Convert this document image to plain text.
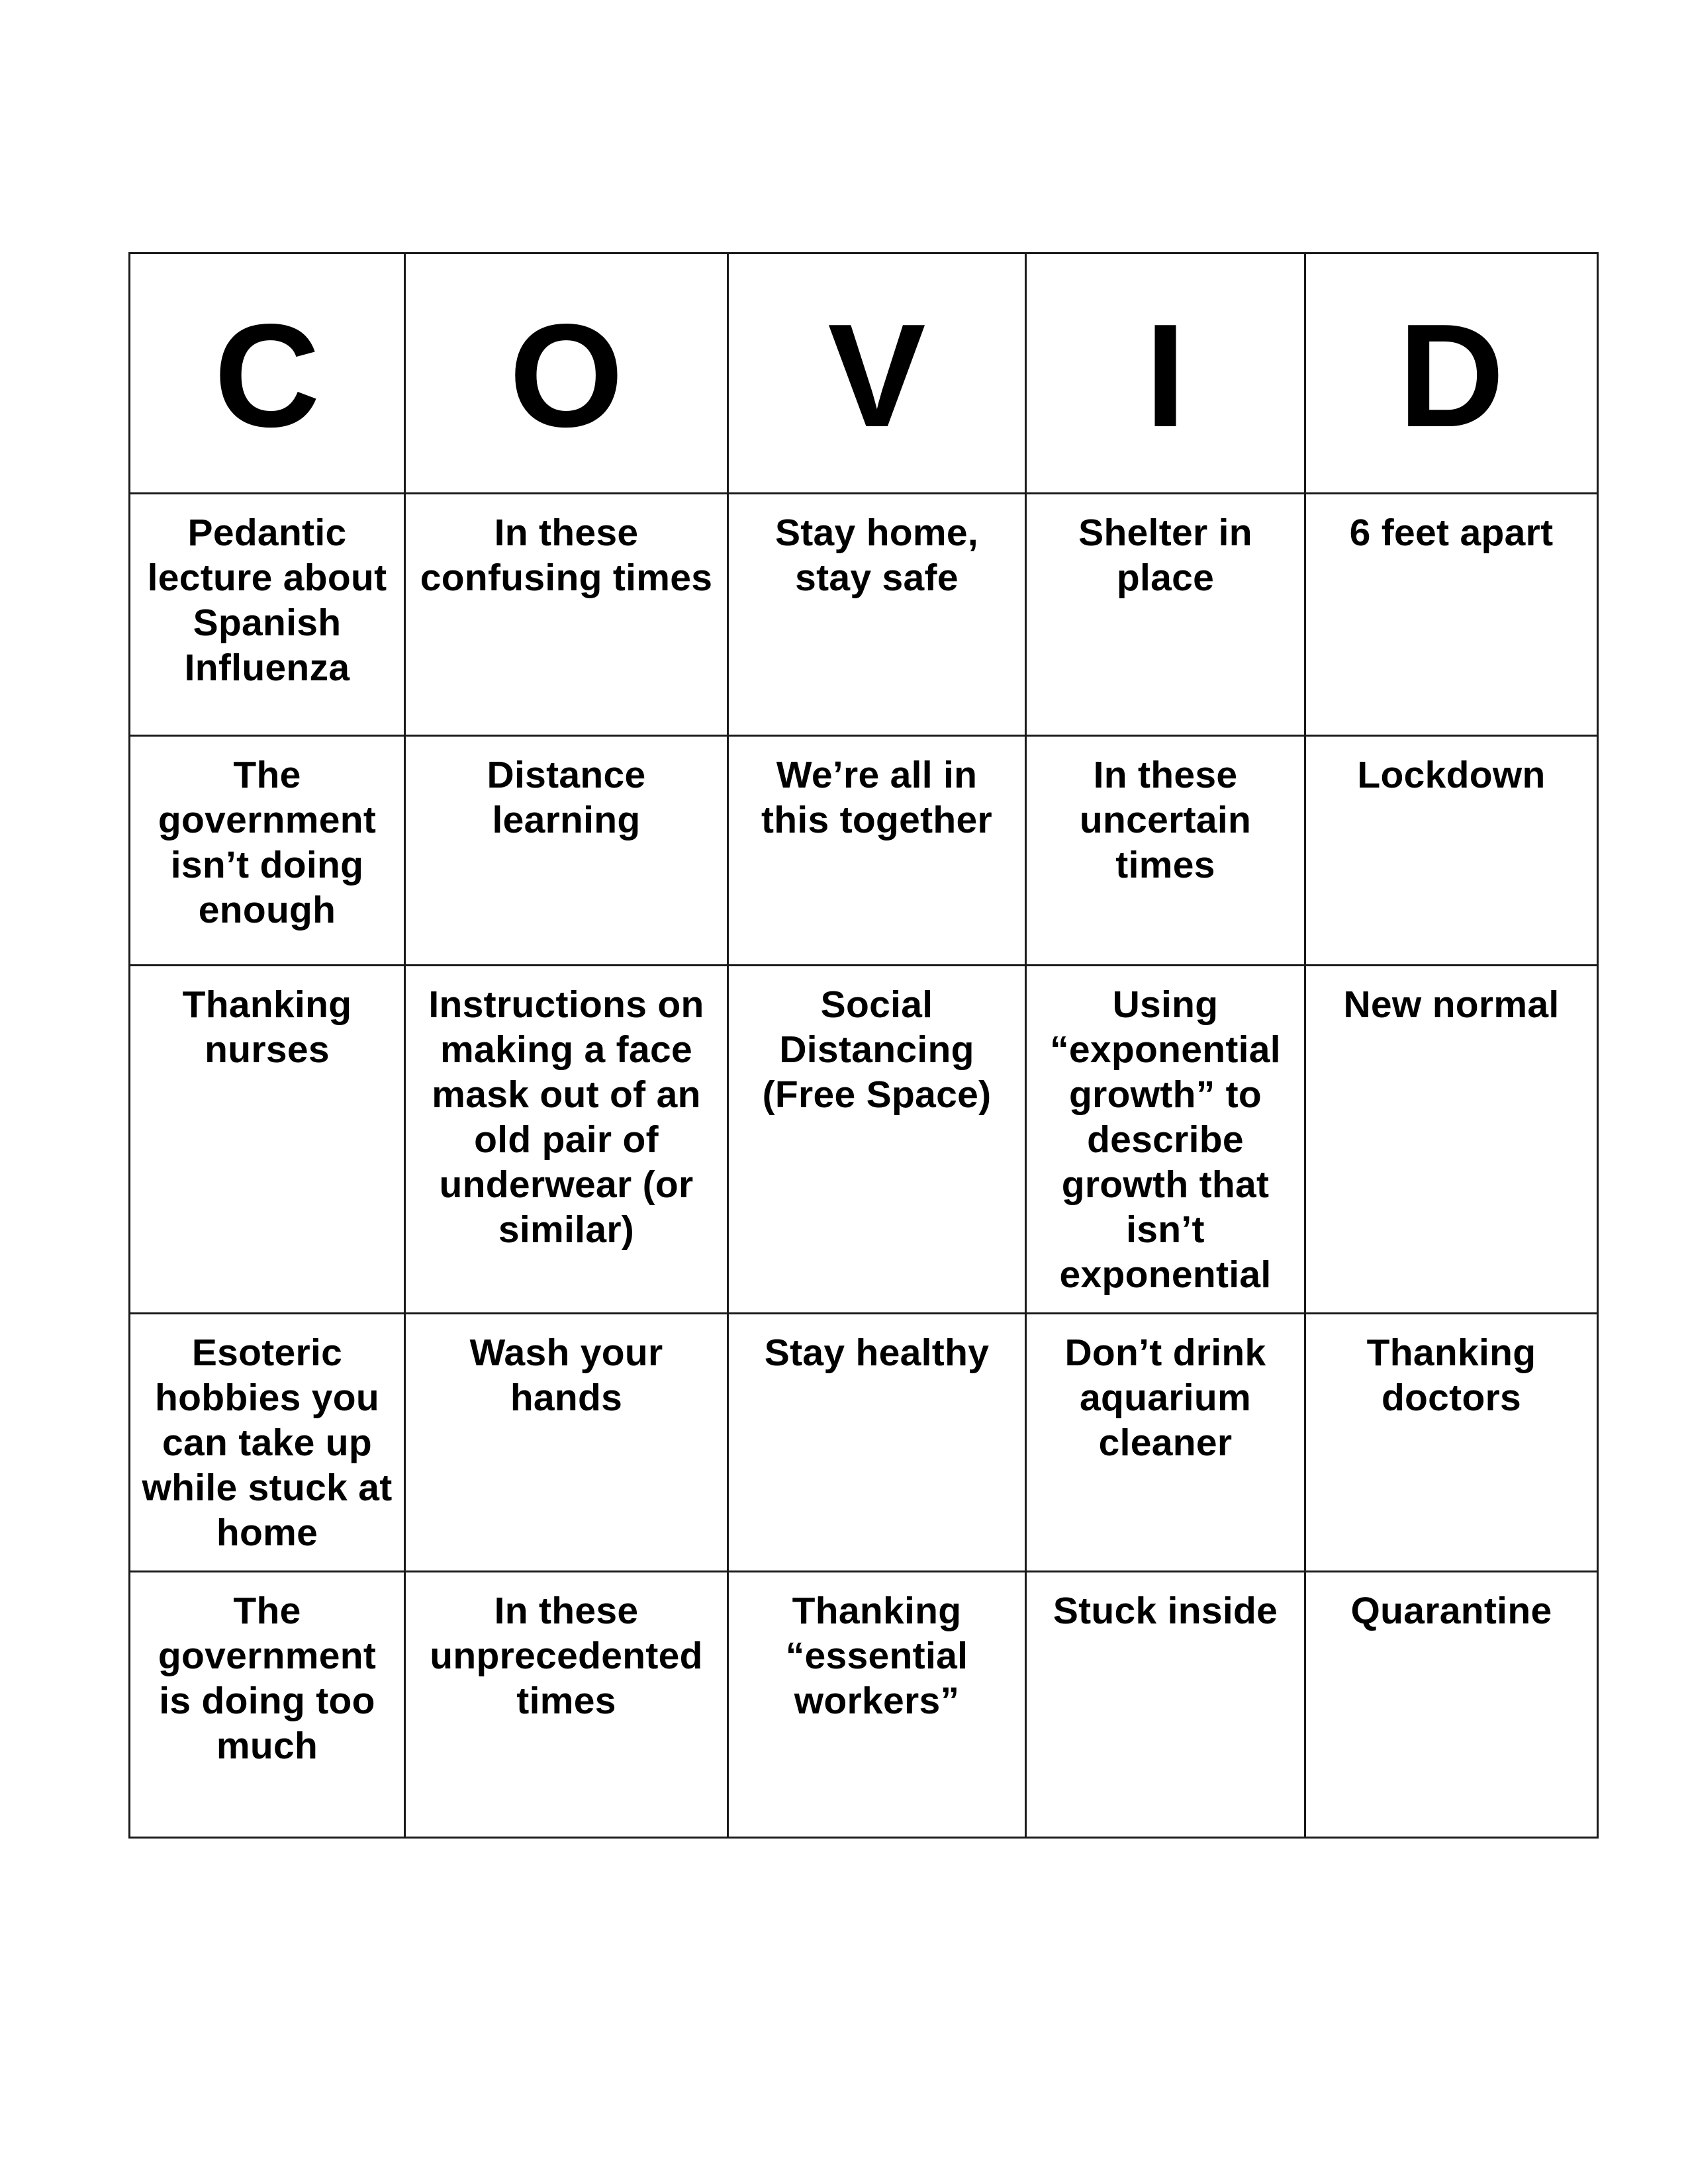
C	O	V	I	D

Pedantic lecture about Spanish Influenza	In these confusing times	Stay home, stay safe	Shelter in place	6 feet apart

The government isn’t doing enough	Distance learning	We’re all in this together	In these uncertain times	Lockdown

Thanking nurses	Instructions on making a face mask out of an old pair of underwear (or similar)	Social Distancing (Free Space)	Using “exponential growth” to describe growth that isn’t exponential	New normal

Esoteric hobbies you can take up while stuck at home	Wash your hands	Stay healthy	Don’t drink aquarium cleaner	Thanking doctors

The government is doing too much	In these unprecedented times	Thanking “essential workers”	Stuck inside	Quarantine
